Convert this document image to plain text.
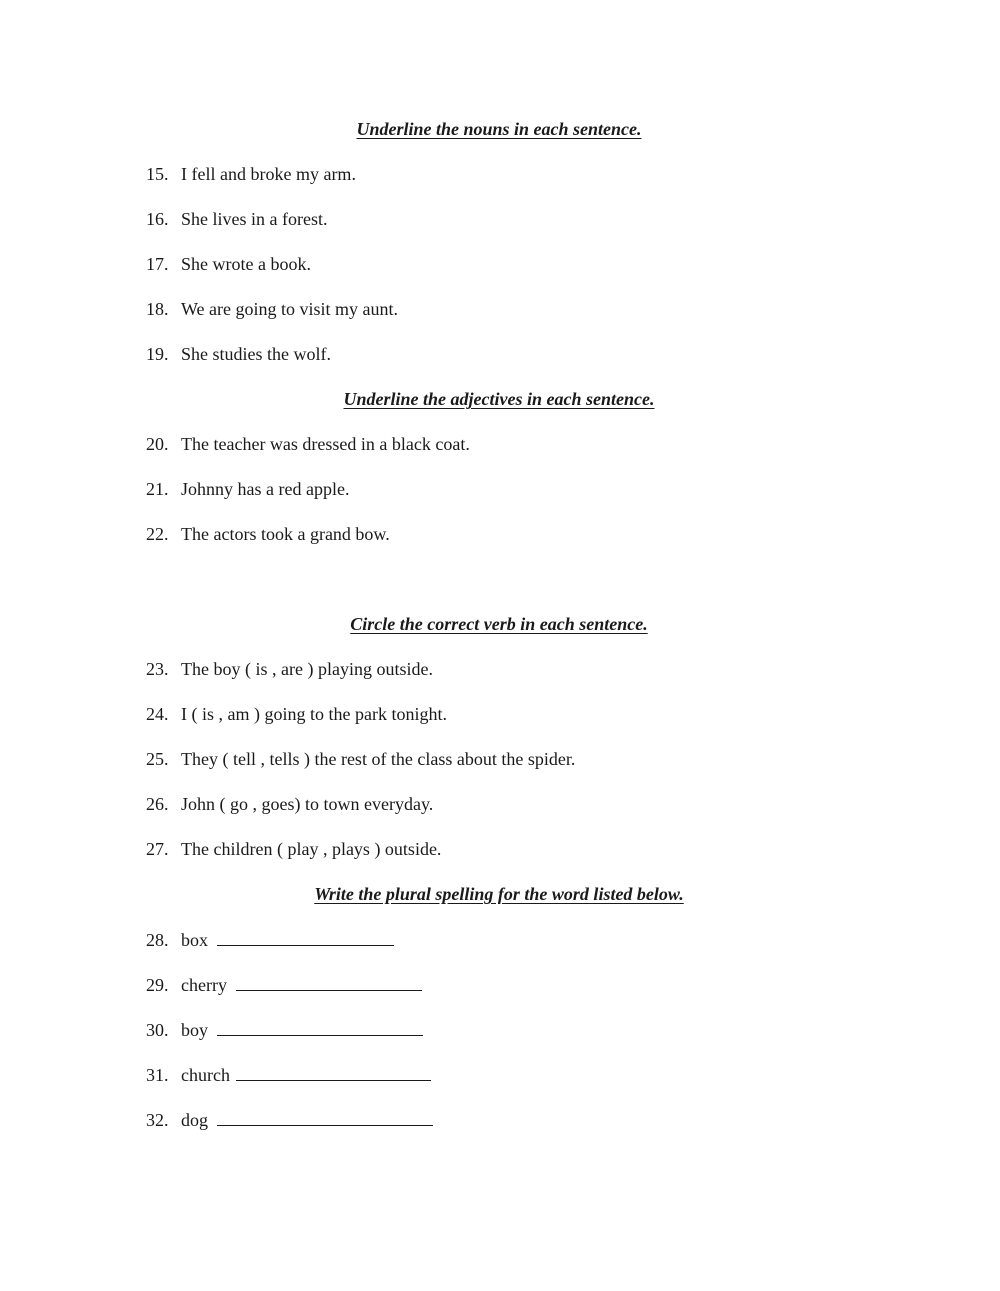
Underline the nouns in each sentence.
15. I fell and broke my arm.
16. She lives in a forest.
17. She wrote a book.
18. We are going to visit my aunt.
19. She studies the wolf.
Underline the adjectives in each sentence.
20. The teacher was dressed in a black coat.
21. Johnny has a red apple.
22. The actors took a grand bow.
Circle the correct verb in each sentence.
23. The boy ( is , are ) playing outside.
24. I ( is , am ) going to the park tonight.
25. They ( tell , tells ) the rest of the class about the spider.
26. John ( go , goes) to town everyday.
27. The children ( play , plays ) outside.
Write the plural spelling for the word listed below.
28. box
29. cherry
30. boy
31. church
32. dog
